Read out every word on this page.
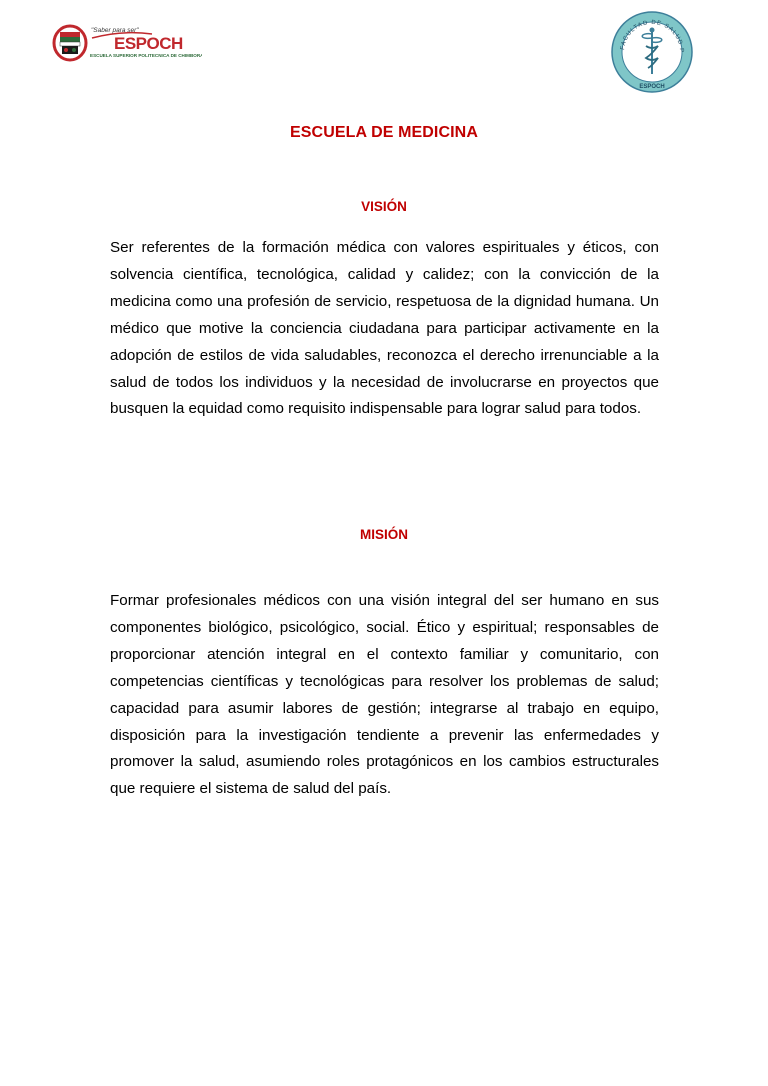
"Saber para ser"
ESPOCH
ESCUELA SUPERIOR POLITECNICA DE CHIMBORAZO
FACULTAD DE SALUD P
ESPOCH
ESCUELA DE MEDICINA
VISIÓN
Ser referentes de la formación médica con valores espirituales y éticos, con solvencia científica, tecnológica, calidad y calidez; con la convicción de la medicina como una profesión de servicio, respetuosa de la dignidad humana. Un médico que motive la conciencia ciudadana para participar activamente en la adopción de estilos de vida saludables, reconozca el derecho irrenunciable a la salud de todos los individuos y la necesidad de involucrarse en proyectos que busquen la equidad como requisito indispensable para lograr salud para todos.
MISIÓN
Formar profesionales médicos con una visión integral del ser humano en sus componentes biológico, psicológico, social. Ético y espiritual; responsables de proporcionar atención integral en el contexto familiar y comunitario, con competencias científicas y tecnológicas para resolver los problemas de salud; capacidad para asumir labores de gestión; integrarse al trabajo en equipo, disposición para la investigación tendiente a prevenir las enfermedades y promover la salud, asumiendo roles protagónicos en los cambios estructurales que requiere el sistema de salud del país.
